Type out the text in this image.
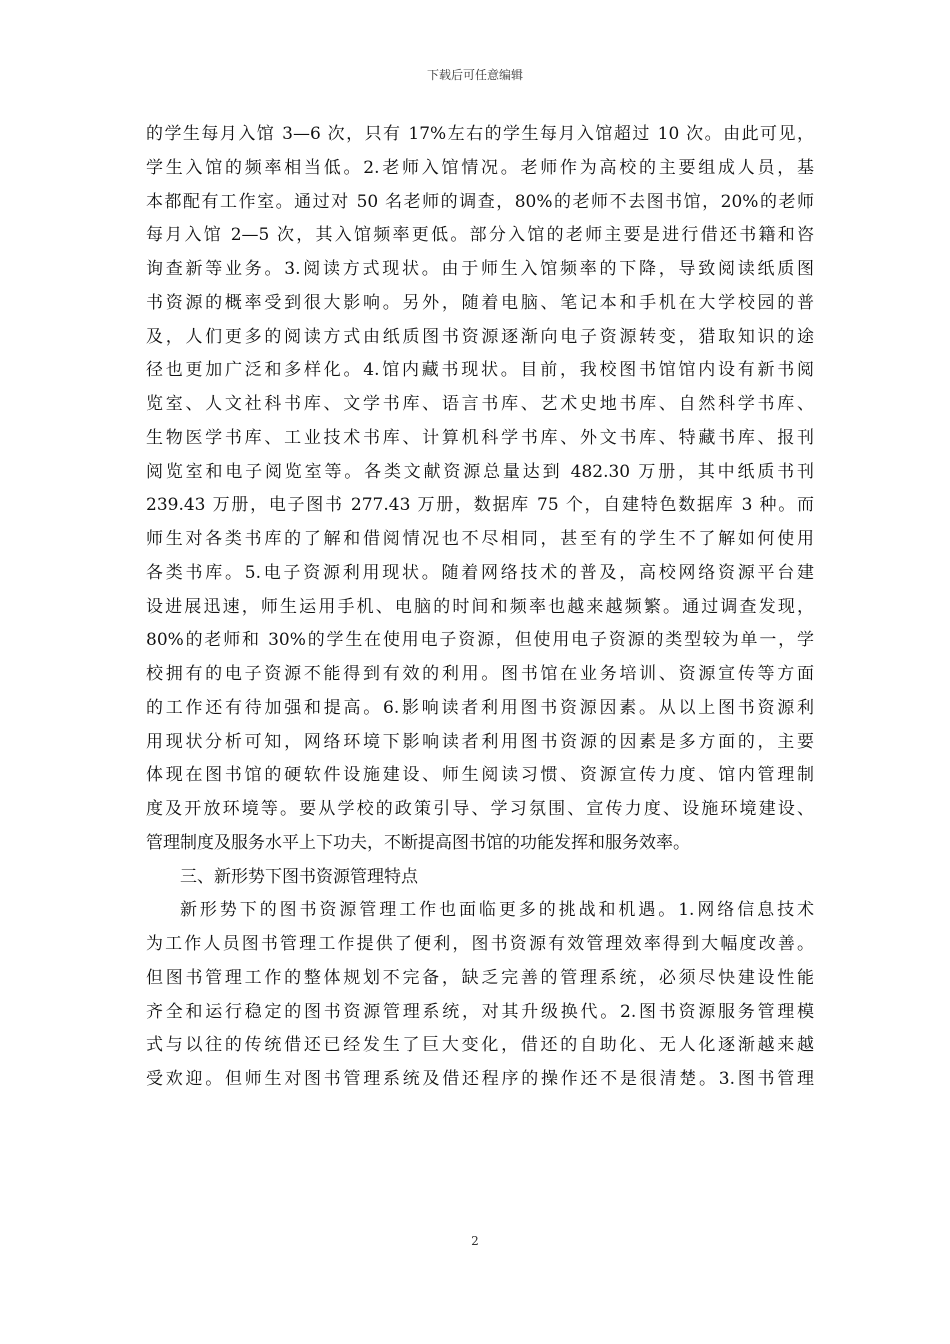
下载后可任意编辑
的学生每月入馆 3—6 次，只有 17%左右的学生每月入馆超过 10 次。由此可见，
学生入馆的频率相当低。2.老师入馆情况。老师作为高校的主要组成人员，基
本都配有工作室。通过对 50 名老师的调查，80%的老师不去图书馆，20%的老师
每月入馆 2—5 次，其入馆频率更低。部分入馆的老师主要是进行借还书籍和咨
询查新等业务。3.阅读方式现状。由于师生入馆频率的下降，导致阅读纸质图
书资源的概率受到很大影响。另外，随着电脑、笔记本和手机在大学校园的普
及，人们更多的阅读方式由纸质图书资源逐渐向电子资源转变，猎取知识的途
径也更加广泛和多样化。4.馆内藏书现状。目前，我校图书馆馆内设有新书阅
览室、人文社科书库、文学书库、语言书库、艺术史地书库、自然科学书库、
生物医学书库、工业技术书库、计算机科学书库、外文书库、特藏书库、报刊
阅览室和电子阅览室等。各类文献资源总量达到 482.30 万册，其中纸质书刊
239.43 万册，电子图书 277.43 万册，数据库 75 个，自建特色数据库 3 种。而
师生对各类书库的了解和借阅情况也不尽相同，甚至有的学生不了解如何使用
各类书库。5.电子资源利用现状。随着网络技术的普及，高校网络资源平台建
设进展迅速，师生运用手机、电脑的时间和频率也越来越频繁。通过调查发现，
80%的老师和 30%的学生在使用电子资源，但使用电子资源的类型较为单一，学
校拥有的电子资源不能得到有效的利用。图书馆在业务培训、资源宣传等方面
的工作还有待加强和提高。6.影响读者利用图书资源因素。从以上图书资源利
用现状分析可知，网络环境下影响读者利用图书资源的因素是多方面的，主要
体现在图书馆的硬软件设施建设、师生阅读习惯、资源宣传力度、馆内管理制
度及开放环境等。要从学校的政策引导、学习氛围、宣传力度、设施环境建设、
管理制度及服务水平上下功夫，不断提高图书馆的功能发挥和服务效率。
三、新形势下图书资源管理特点
新形势下的图书资源管理工作也面临更多的挑战和机遇。1.网络信息技术
为工作人员图书管理工作提供了便利，图书资源有效管理效率得到大幅度改善。
但图书管理工作的整体规划不完备，缺乏完善的管理系统，必须尽快建设性能
齐全和运行稳定的图书资源管理系统，对其升级换代。2.图书资源服务管理模
式与以往的传统借还已经发生了巨大变化，借还的自助化、无人化逐渐越来越
受欢迎。但师生对图书管理系统及借还程序的操作还不是很清楚。3.图书管理
2
